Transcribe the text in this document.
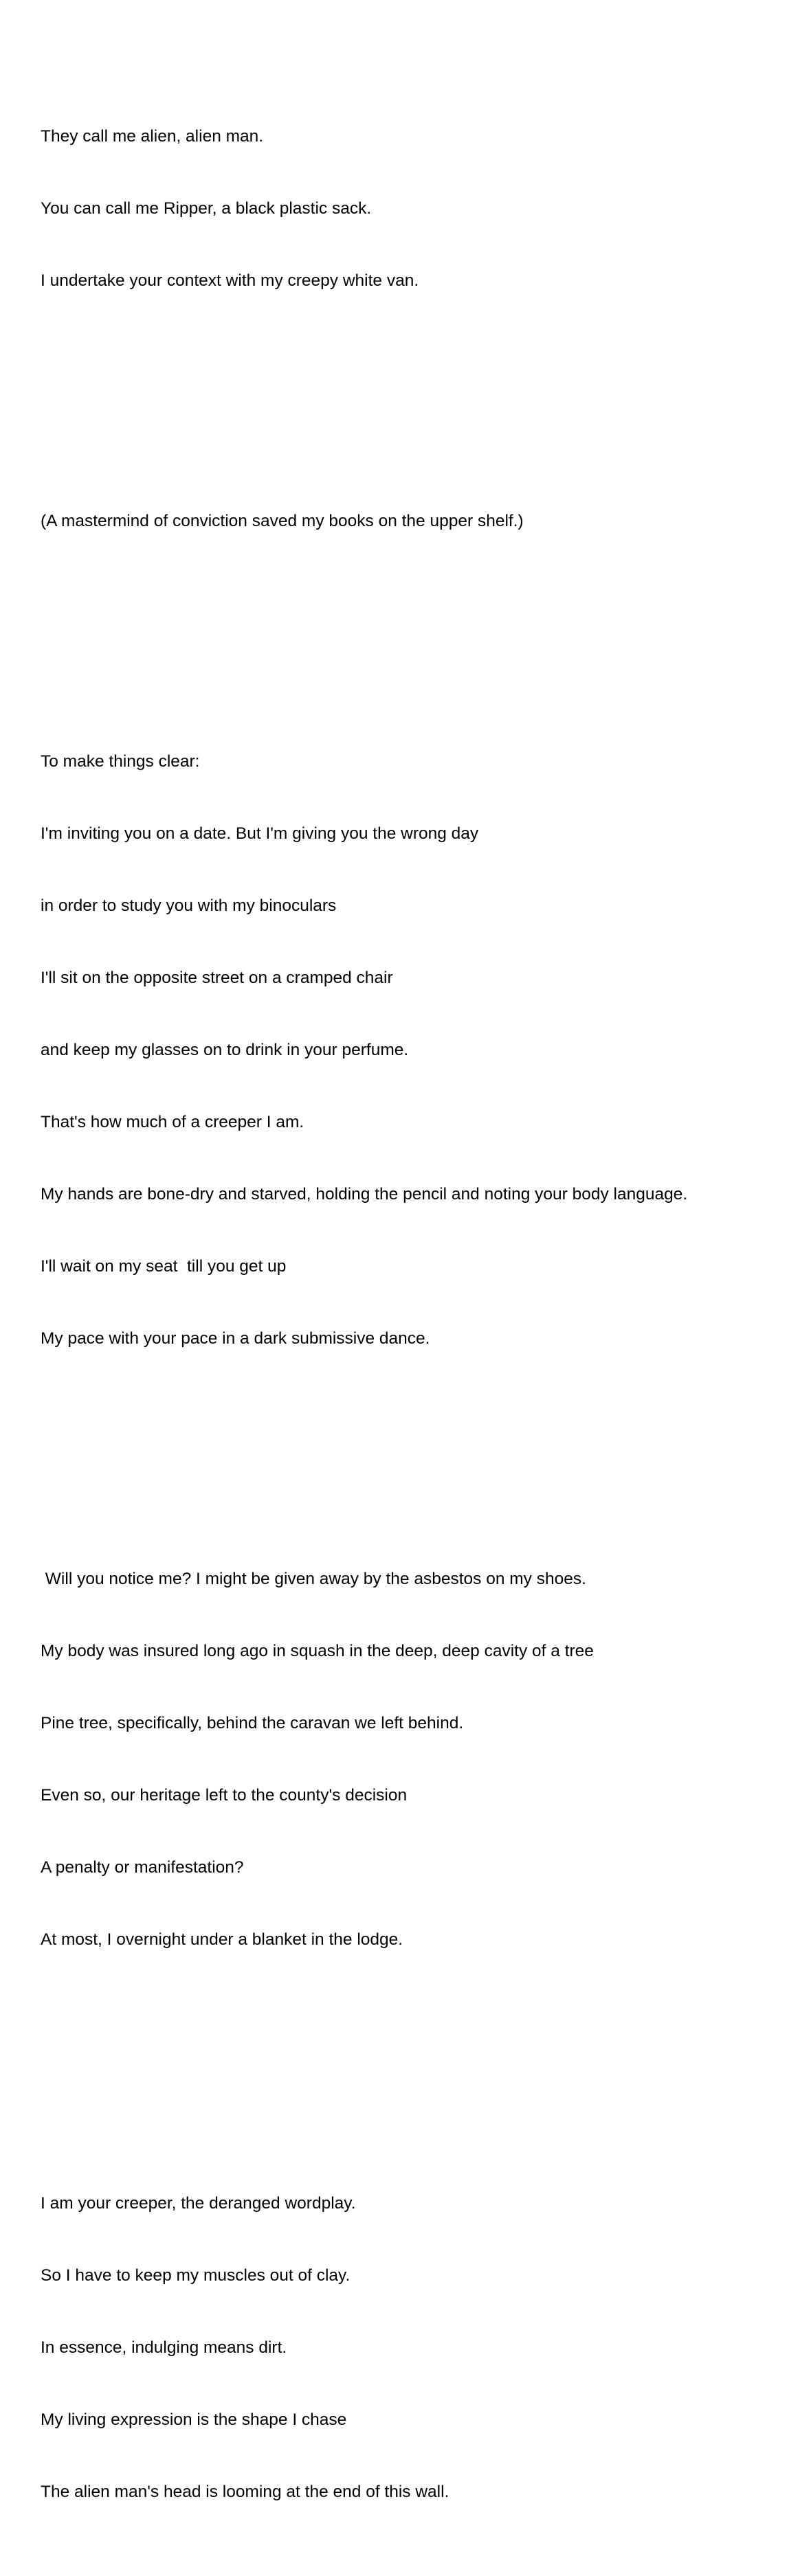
They call me alien, alien man.

You can call me Ripper, a black plastic sack.

I undertake your context with my creepy white van.

(A mastermind of conviction saved my books on the upper shelf.)

To make things clear:

I'm inviting you on a date. But I'm giving you the wrong day

in order to study you with my binoculars

I'll sit on the opposite street on a cramped chair

and keep my glasses on to drink in your perfume.

That's how much of a creeper I am.

My hands are bone-dry and starved, holding the pencil and noting your body language.

I'll wait on my seat  till you get up

My pace with your pace in a dark submissive dance.

Will you notice me? I might be given away by the asbestos on my shoes.

My body was insured long ago in squash in the deep, deep cavity of a tree

Pine tree, specifically, behind the caravan we left behind.

Even so, our heritage left to the county's decision

A penalty or manifestation?

At most, I overnight under a blanket in the lodge.

I am your creeper, the deranged wordplay.

So I have to keep my muscles out of clay.

In essence, indulging means dirt.

My living expression is the shape I chase

The alien man's head is looming at the end of this wall.
